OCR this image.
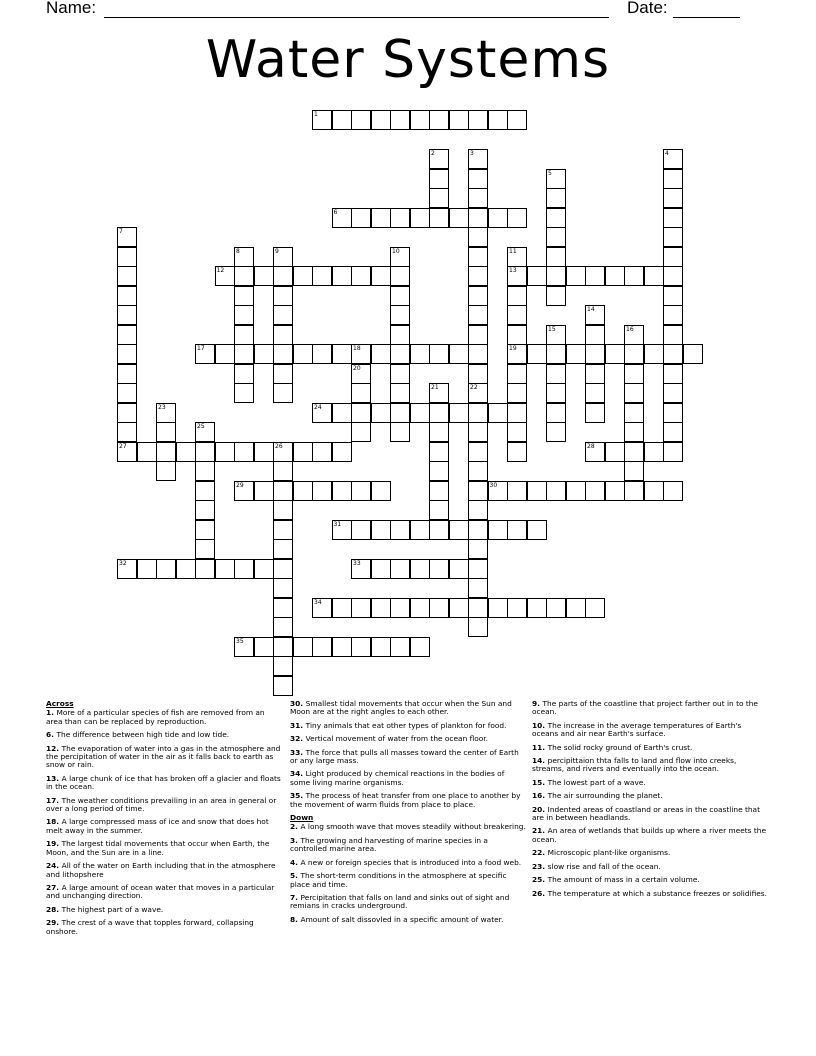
Name:	Date:
Water Systems
1
6
12	13
17	18	19
24
27	26	28
29	30
31
32	33
34
35
2	3
22
4
5
7
8	9	10	11
14
15	16
20
21
23
25
Across
1. More of a particular species of fish are removed from an area than can be replaced by reproduction.
6. The difference between high tide and low tide.
12. The evaporation of water into a gas in the atmosphere and the percipitation of water in the air as it falls back to earth as snow or rain.
13. A large chunk of ice that has broken off a glacier and floats in the ocean.
17. The weather conditions prevailing in an area in general or over a long period of time.
18. A large compressed mass of ice and snow that does hot melt away in the summer.
19. The largest tidal movements that occur when Earth, the Moon, and the Sun are in a line.
24. All of the water on Earth including that in the atmosphere and lithopshere
27. A large amount of ocean water that moves in a particular and unchanging direction.
28. The highest part of a wave.
29. The crest of a wave that topples forward, collapsing onshore.
30. Smallest tidal movements that occur when the Sun and Moon are at the right angles to each other.
31. Tiny animals that eat other types of plankton for food.
32. Vertical movement of water from the ocean floor.
33. The force that pulls all masses toward the center of Earth or any large mass.
34. Light produced by chemical reactions in the bodies of some living marine organisms.
35. The process of heat transfer from one place to another by the movement of warm fluids from place to place.
Down
2. A long smooth wave that moves steadily without breakering.
3. The growing and harvesting of marine species in a controlled marine area.
4. A new or foreign species that is introduced into a food web.
5. The short-term conditions in the atmosphere at specific place and time.
7. Percipitation that falls on land and sinks out of sight and remians in cracks underground.
8. Amount of salt dissovled in a specific amount of water.
9. The parts of the coastline that project farther out in to the ocean.
10. The increase in the average temperatures of Earth's oceans and air near Earth's surface.
11. The solid rocky ground of Earth's crust.
14. percipittaion thta falls to land and flow into creeks, streams, and rivers and eventually into the ocean.
15. The lowest part of a wave.
16. The air surrounding the planet.
20. Indented areas of coastland or areas in the coastline that are in between headlands.
21. An area of wetlands that builds up where a river meets the ocean.
22. Microscopic plant-like organisms.
23. slow rise and fall of the ocean.
25. The amount of mass in a certain volume.
26. The temperature at which a substance freezes or solidifies.
